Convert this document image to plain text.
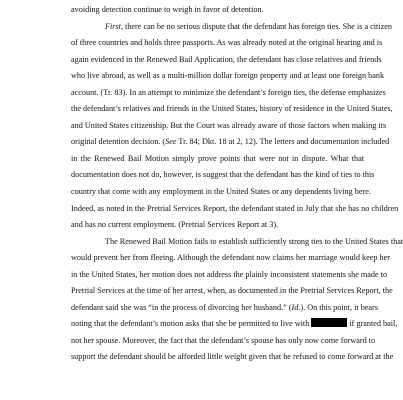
avoiding detection continue to weigh in favor of detention.
First, there can be no serious dispute that the defendant has foreign ties. She is a citizen
of three countries and holds three passports. As was already noted at the original hearing and is
again evidenced in the Renewed Bail Application, the defendant has close relatives and friends
who live abroad, as well as a multi-million dollar foreign property and at least one foreign bank
account. (Tr. 83). In an attempt to minimize the defendant’s foreign ties, the defense emphasizes
the defendant’s relatives and friends in the United States, history of residence in the United States,
and United States citizenship. But the Court was already aware of those factors when making its
original detention decision. (See Tr. 84; Dkt. 18 at 2, 12). The letters and documentation included
in the Renewed Bail Motion simply prove points that were not in dispute. What that
documentation does not do, however, is suggest that the defendant has the kind of ties to this
country that come with any employment in the United States or any dependents living here.
Indeed, as noted in the Pretrial Services Report, the defendant stated in July that she has no children
and has no current employment. (Pretrial Services Report at 3).
The Renewed Bail Motion fails to establish sufficiently strong ties to the United States that
would prevent her from fleeing. Although the defendant now claims her marriage would keep her
in the United States, her motion does not address the plainly inconsistent statements she made to
Pretrial Services at the time of her arrest, when, as documented in the Pretrial Services Report, the
defendant said she was “in the process of divorcing her husband.” (Id.). On this point, it bears
noting that the defendant’s motion asks that she be permitted to live with	if granted bail,
not her spouse. Moreover, the fact that the defendant’s spouse has only now come forward to
support the defendant should be afforded little weight given that he refused to come forward at the
